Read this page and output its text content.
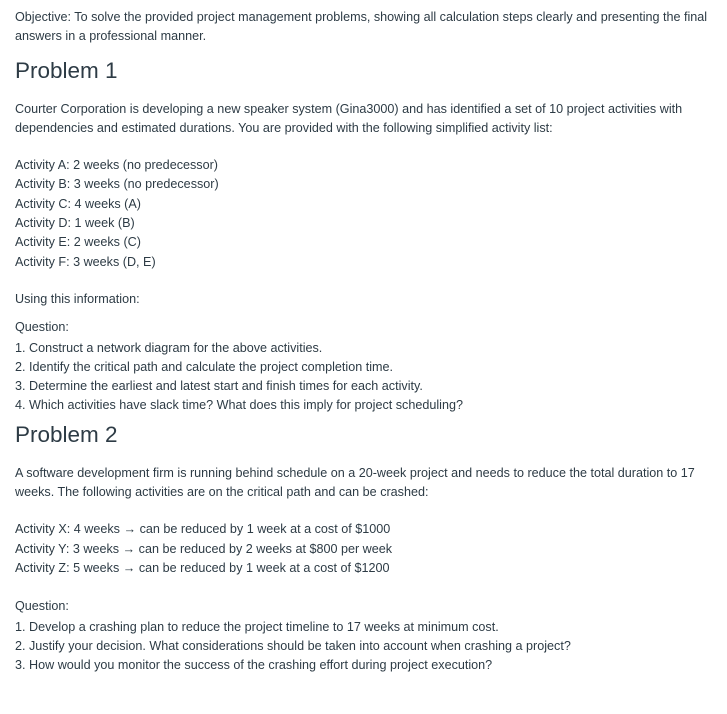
Objective: To solve the provided project management problems, showing all calculation steps clearly and presenting the final answers in a professional manner.

Problem 1

Courter Corporation is developing a new speaker system (Gina3000) and has identified a set of 10 project activities with dependencies and estimated durations. You are provided with the following simplified activity list:

Activity A: 2 weeks (no predecessor)
Activity B: 3 weeks (no predecessor)
Activity C: 4 weeks (A)
Activity D: 1 week (B)
Activity E: 2 weeks (C)
Activity F: 3 weeks (D, E)

Using this information:

Question:

1. Construct a network diagram for the above activities.
2. Identify the critical path and calculate the project completion time.
3. Determine the earliest and latest start and finish times for each activity.
4. Which activities have slack time? What does this imply for project scheduling?
Problem 2

A software development firm is running behind schedule on a 20-week project and needs to reduce the total duration to 17 weeks. The following activities are on the critical path and can be crashed:

Activity X: 4 weeks → can be reduced by 1 week at a cost of $1000
Activity Y: 3 weeks → can be reduced by 2 weeks at $800 per week
Activity Z: 5 weeks → can be reduced by 1 week at a cost of $1200

Question:

1. Develop a crashing plan to reduce the project timeline to 17 weeks at minimum cost.
2. Justify your decision. What considerations should be taken into account when crashing a project?
3. How would you monitor the success of the crashing effort during project execution?
